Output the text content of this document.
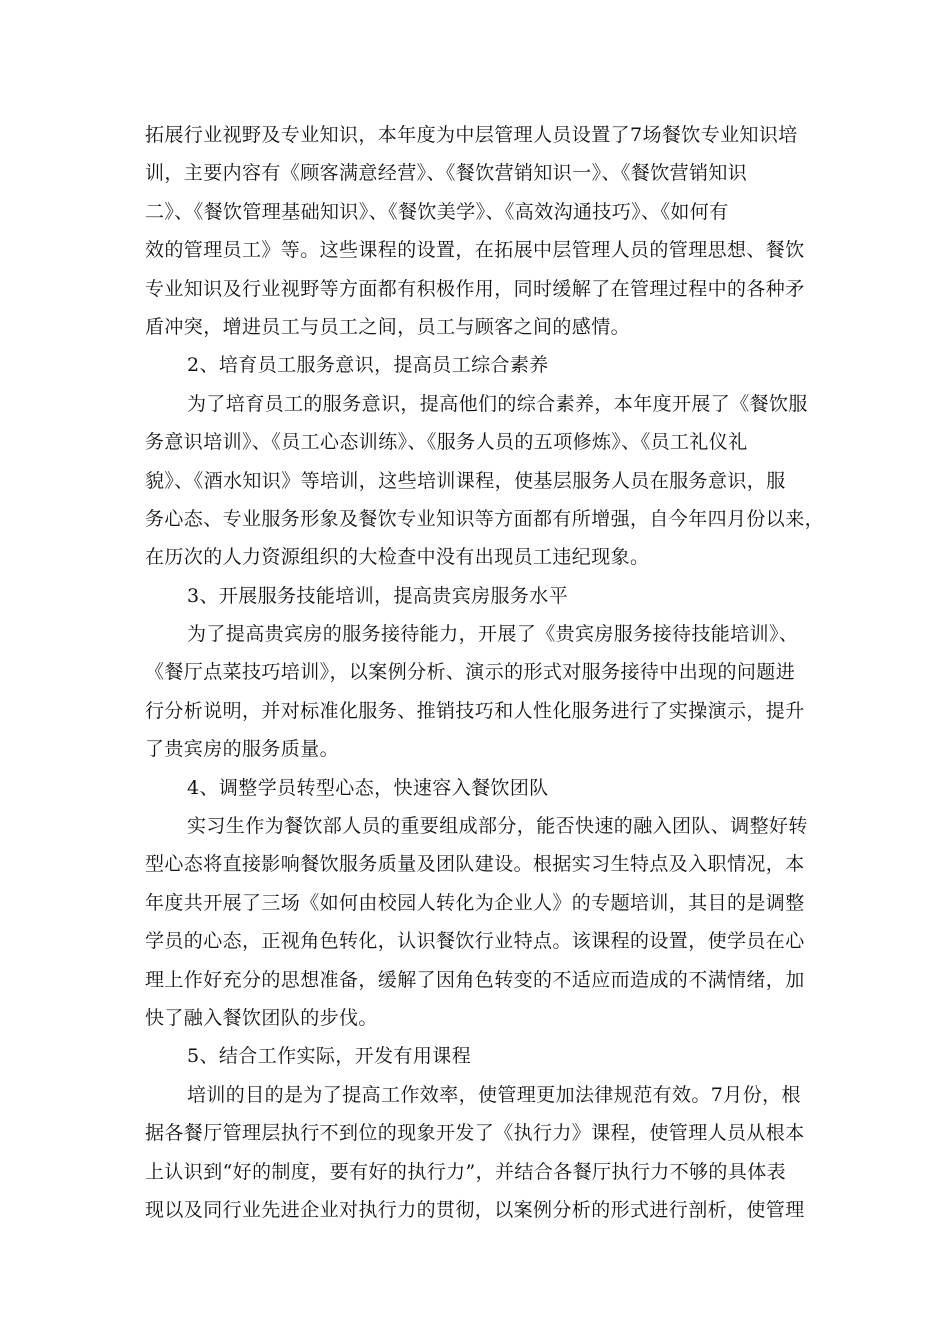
拓展行业视野及专业知识，本年度为中层管理人员设置了7场餐饮专业知识培
训，主要内容有《顾客满意经营》、《餐饮营销知识一》、《餐饮营销知识
二》、《餐饮管理基础知识》、《餐饮美学》、《高效沟通技巧》、《如何有
效的管理员工》等。这些课程的设置，在拓展中层管理人员的管理思想、餐饮
专业知识及行业视野等方面都有积极作用，同时缓解了在管理过程中的各种矛
盾冲突，增进员工与员工之间，员工与顾客之间的感情。
2、培育员工服务意识，提高员工综合素养
为了培育员工的服务意识，提高他们的综合素养，本年度开展了《餐饮服
务意识培训》、《员工心态训练》、《服务人员的五项修炼》、《员工礼仪礼
貌》、《酒水知识》等培训，这些培训课程，使基层服务人员在服务意识，服
务心态、专业服务形象及餐饮专业知识等方面都有所增强，自今年四月份以来，
在历次的人力资源组织的大检查中没有出现员工违纪现象。
3、开展服务技能培训，提高贵宾房服务水平
为了提高贵宾房的服务接待能力，开展了《贵宾房服务接待技能培训》、
《餐厅点菜技巧培训》，以案例分析、演示的形式对服务接待中出现的问题进
行分析说明，并对标准化服务、推销技巧和人性化服务进行了实操演示，提升
了贵宾房的服务质量。
4、调整学员转型心态，快速容入餐饮团队
实习生作为餐饮部人员的重要组成部分，能否快速的融入团队、调整好转
型心态将直接影响餐饮服务质量及团队建设。根据实习生特点及入职情况，本
年度共开展了三场《如何由校园人转化为企业人》的专题培训，其目的是调整
学员的心态，正视角色转化，认识餐饮行业特点。该课程的设置，使学员在心
理上作好充分的思想准备，缓解了因角色转变的不适应而造成的不满情绪，加
快了融入餐饮团队的步伐。
5、结合工作实际，开发有用课程
培训的目的是为了提高工作效率，使管理更加法律规范有效。7月份，根
据各餐厅管理层执行不到位的现象开发了《执行力》课程，使管理人员从根本
上认识到“好的制度，要有好的执行力”，并结合各餐厅执行力不够的具体表
现以及同行业先进企业对执行力的贯彻，以案例分析的形式进行剖析，使管理
